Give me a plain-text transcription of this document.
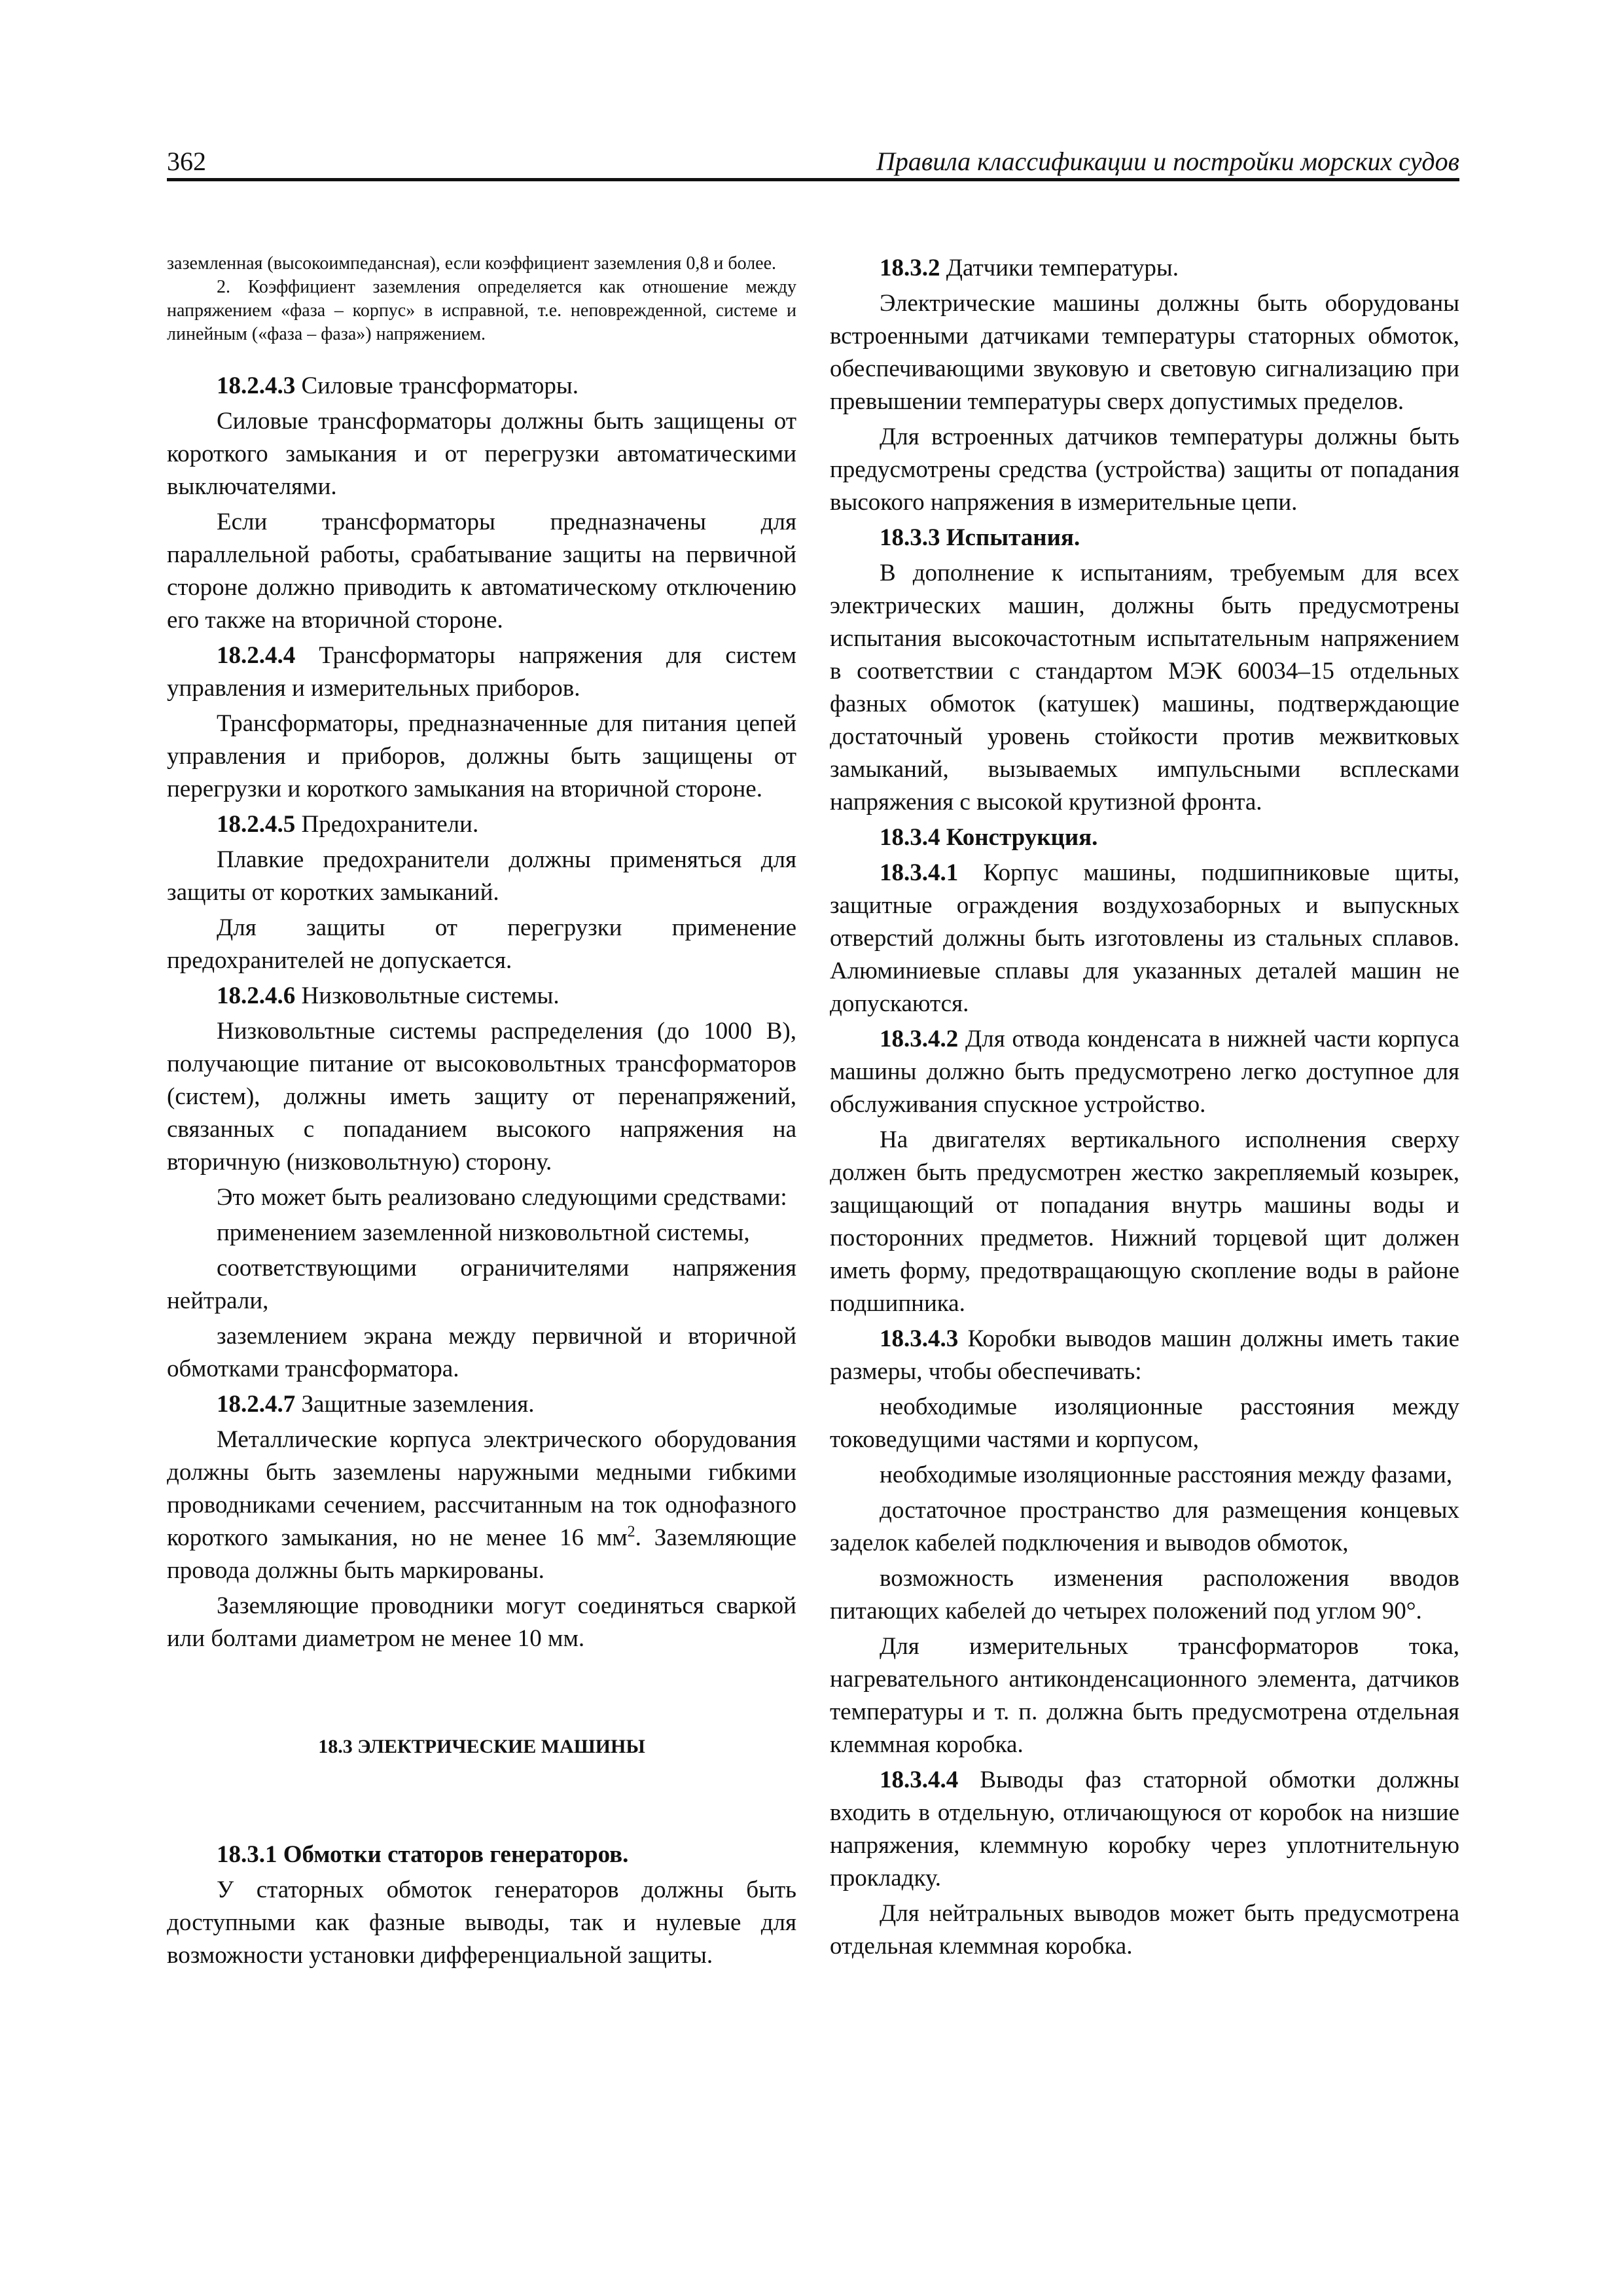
362	Правила классификации и постройки морских судов

заземленная (высокоимпедансная), если коэффициент заземления 0,8 и более.

2. Коэффициент заземления определяется как отношение между напряжением «фаза – корпус» в исправной, т.е. неповрежденной, системе и линейным («фаза – фаза») напряжением.

18.2.4.3 Силовые трансформаторы.

Силовые трансформаторы должны быть защищены от короткого замыкания и от перегрузки автоматическими выключателями.

Если трансформаторы предназначены для параллельной работы, срабатывание защиты на первичной стороне должно приводить к автоматическому отключению его также на вторичной стороне.

18.2.4.4 Трансформаторы напряжения для систем управления и измерительных приборов.

Трансформаторы, предназначенные для питания цепей управления и приборов, должны быть защищены от перегрузки и короткого замыкания на вторичной стороне.

18.2.4.5 Предохранители.

Плавкие предохранители должны применяться для защиты от коротких замыканий.

Для защиты от перегрузки применение предохранителей не допускается.

18.2.4.6 Низковольтные системы.

Низковольтные системы распределения (до 1000 В), получающие питание от высоковольтных трансформаторов (систем), должны иметь защиту от перенапряжений, связанных с попаданием высокого напряжения на вторичную (низковольтную) сторону.

Это может быть реализовано следующими средствами:

применением заземленной низковольтной системы,

соответствующими ограничителями напряжения нейтрали,

заземлением экрана между первичной и вторичной обмотками трансформатора.

18.2.4.7 Защитные заземления.

Металлические корпуса электрического оборудования должны быть заземлены наружными медными гибкими проводниками сечением, рассчитанным на ток однофазного короткого замыкания, но не менее 16 $мм^2$. Заземляющие провода должны быть маркированы.

Заземляющие проводники могут соединяться сваркой или болтами диаметром не менее 10 мм.

18.3 ЭЛЕКТРИЧЕСКИЕ МАШИНЫ

18.3.1 Обмотки статоров генераторов.

У статорных обмоток генераторов должны быть доступными как фазные выводы, так и нулевые для возможности установки дифференциальной защиты.

18.3.2 Датчики температуры.

Электрические машины должны быть оборудованы встроенными датчиками температуры статорных обмоток, обеспечивающими звуковую и световую сигнализацию при превышении температуры сверх допустимых пределов.

Для встроенных датчиков температуры должны быть предусмотрены средства (устройства) защиты от попадания высокого напряжения в измерительные цепи.

18.3.3 Испытания.

В дополнение к испытаниям, требуемым для всех электрических машин, должны быть предусмотрены испытания высокочастотным испытательным напряжением в соответствии с стандартом МЭК 60034–15 отдельных фазных обмоток (катушек) машины, подтверждающие достаточный уровень стойкости против межвитковых замыканий, вызываемых импульсными всплесками напряжения с высокой крутизной фронта.

18.3.4 Конструкция.

18.3.4.1 Корпус машины, подшипниковые щиты, защитные ограждения воздухозаборных и выпускных отверстий должны быть изготовлены из стальных сплавов. Алюминиевые сплавы для указанных деталей машин не допускаются.

18.3.4.2 Для отвода конденсата в нижней части корпуса машины должно быть предусмотрено легко доступное для обслуживания спускное устройство.

На двигателях вертикального исполнения сверху должен быть предусмотрен жестко закрепляемый козырек, защищающий от попадания внутрь машины воды и посторонних предметов. Нижний торцевой щит должен иметь форму, предотвращающую скопление воды в районе подшипника.

18.3.4.3 Коробки выводов машин должны иметь такие размеры, чтобы обеспечивать:

необходимые изоляционные расстояния между токоведущими частями и корпусом,

необходимые изоляционные расстояния между фазами,

достаточное пространство для размещения концевых заделок кабелей подключения и выводов обмоток,

возможность изменения расположения вводов питающих кабелей до четырех положений под углом 90°.

Для измерительных трансформаторов тока, нагревательного антиконденсационного элемента, датчиков температуры и т. п. должна быть предусмотрена отдельная клеммная коробка.

18.3.4.4 Выводы фаз статорной обмотки должны входить в отдельную, отличающуюся от коробок на низшие напряжения, клеммную коробку через уплотнительную прокладку.

Для нейтральных выводов может быть предусмотрена отдельная клеммная коробка.
